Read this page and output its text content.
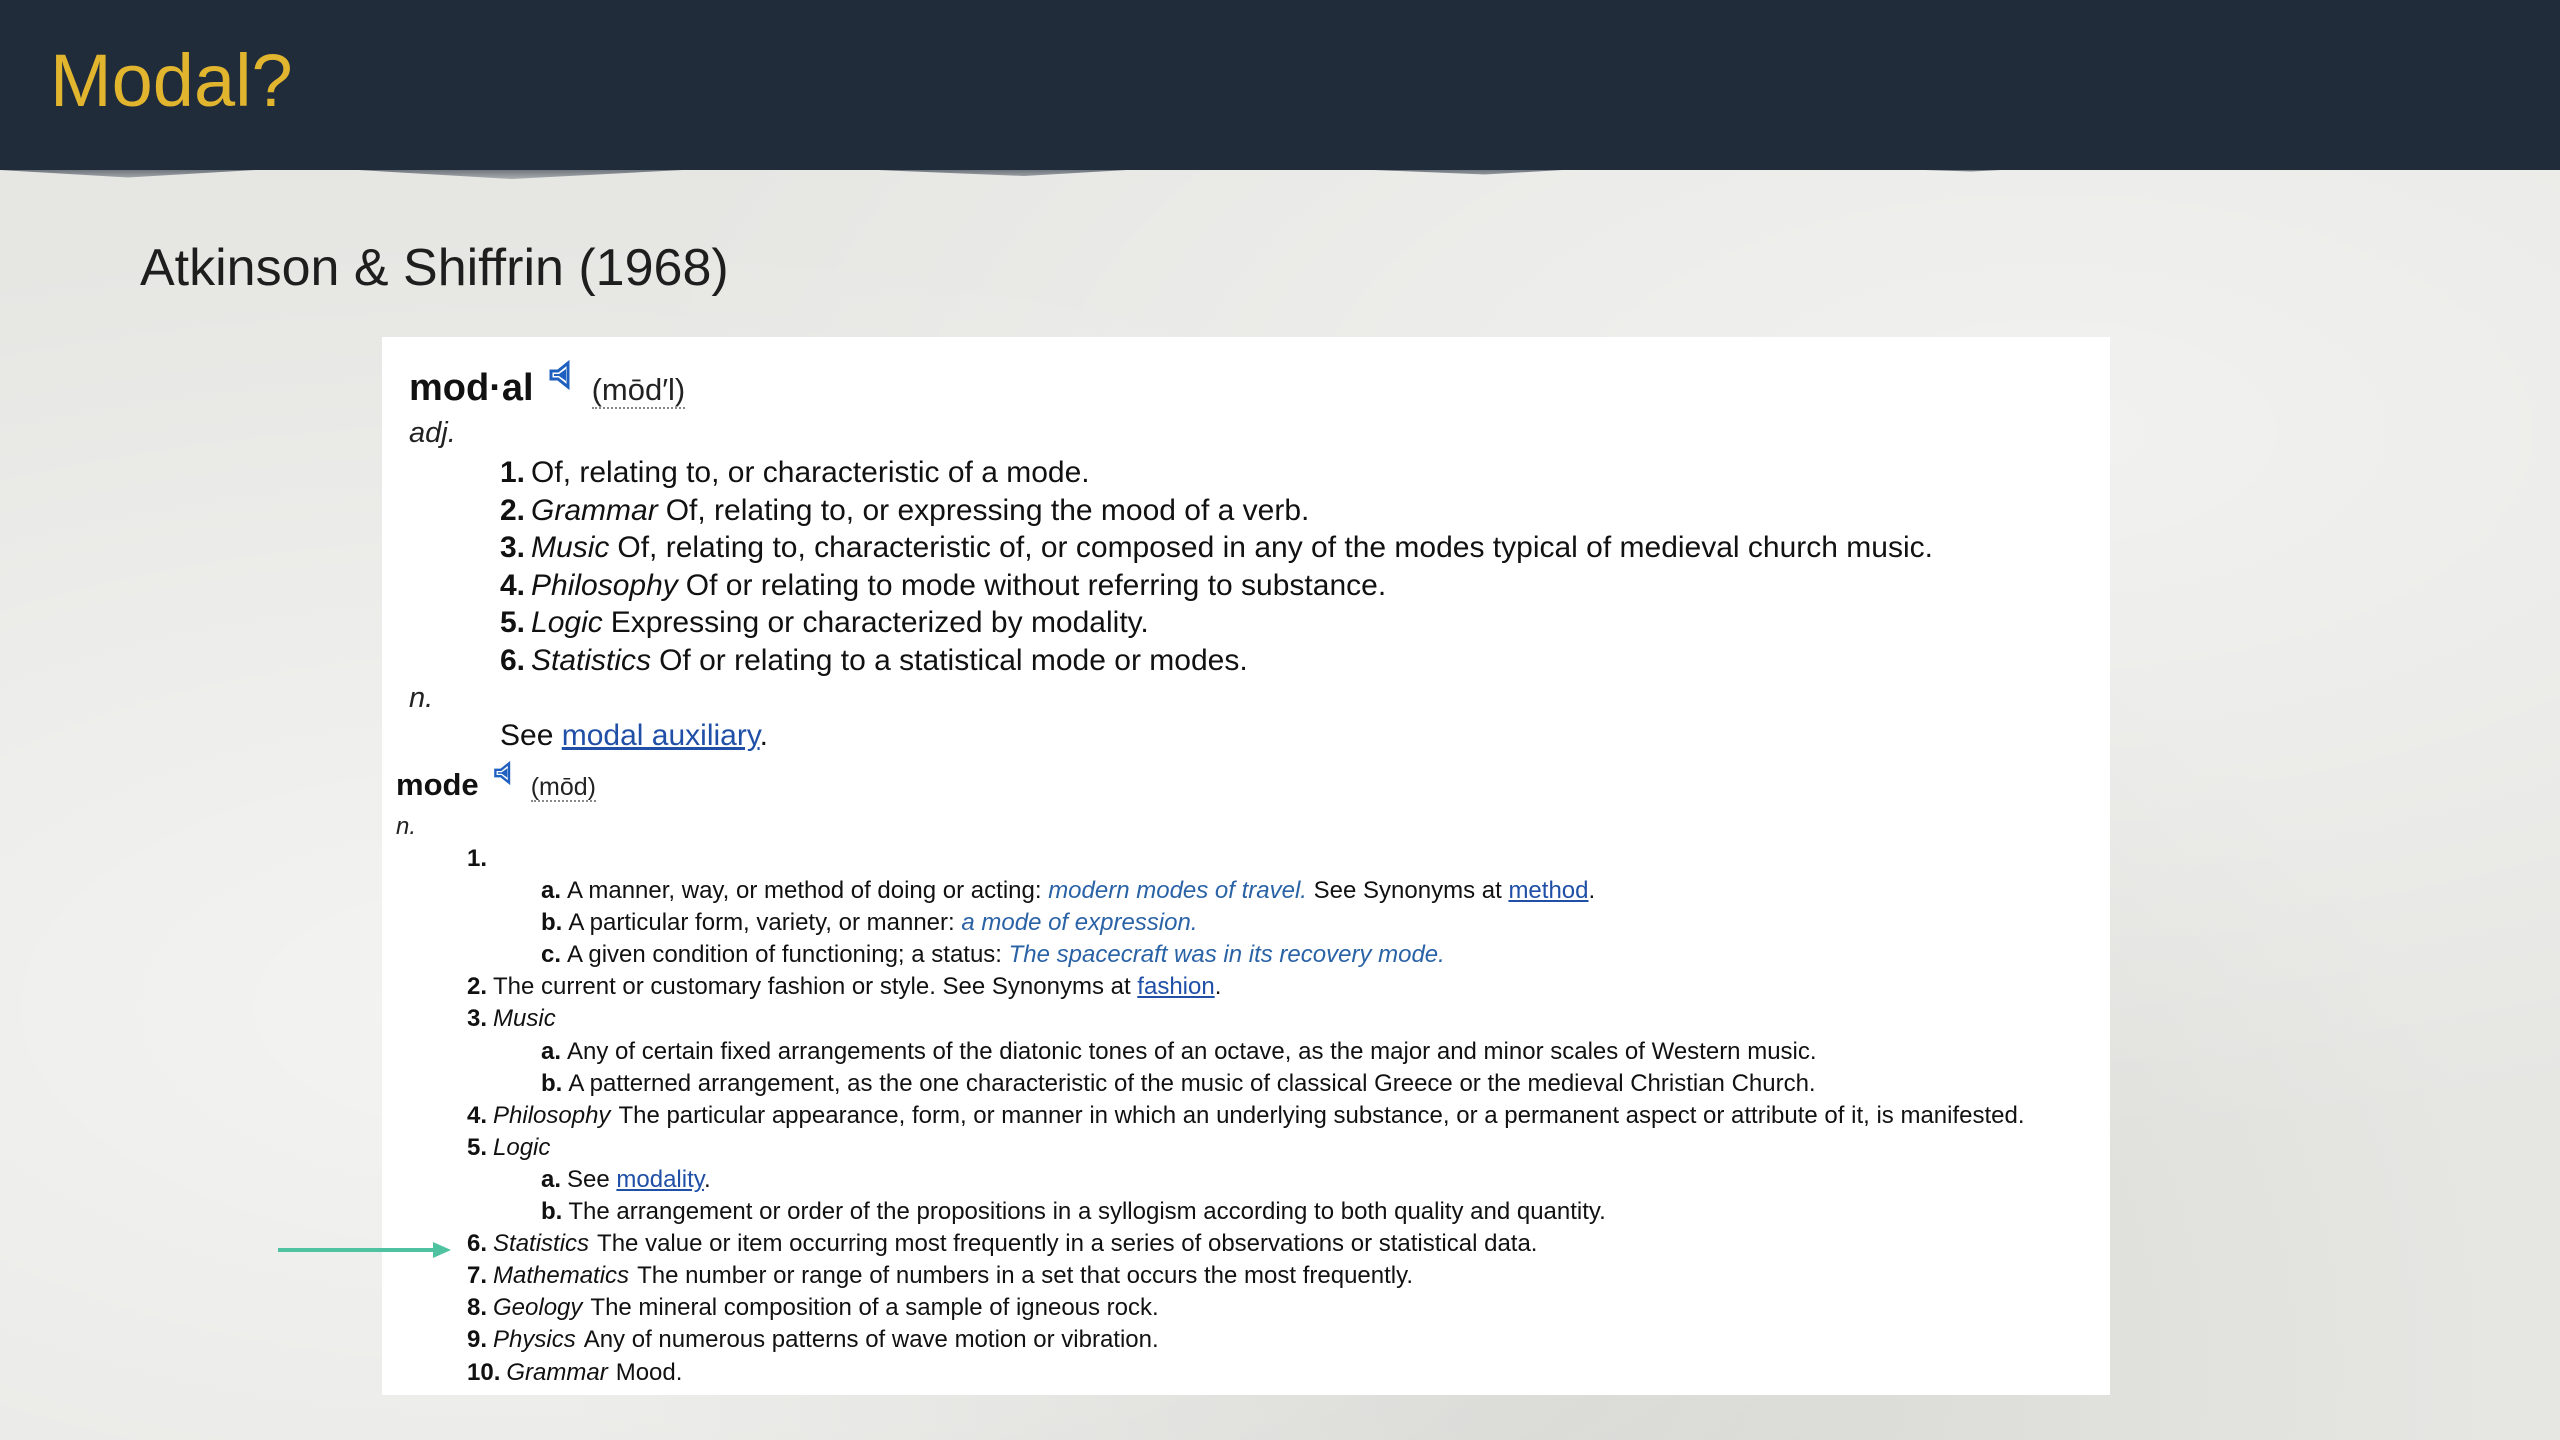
Modal?
Atkinson & Shiffrin (1968)
mod·al (mōd′l)
adj.
1. Of, relating to, or characteristic of a mode.
2. Grammar Of, relating to, or expressing the mood of a verb.
3. Music Of, relating to, characteristic of, or composed in any of the modes typical of medieval church music.
4. Philosophy Of or relating to mode without referring to substance.
5. Logic Expressing or characterized by modality.
6. Statistics Of or relating to a statistical mode or modes.
n.
See modal auxiliary.
mode (mōd)
n.
1.
a. A manner, way, or method of doing or acting: modern modes of travel. See Synonyms at method.
b. A particular form, variety, or manner: a mode of expression.
c. A given condition of functioning; a status: The spacecraft was in its recovery mode.
2. The current or customary fashion or style. See Synonyms at fashion.
3. Music
a. Any of certain fixed arrangements of the diatonic tones of an octave, as the major and minor scales of Western music.
b. A patterned arrangement, as the one characteristic of the music of classical Greece or the medieval Christian Church.
4. Philosophy The particular appearance, form, or manner in which an underlying substance, or a permanent aspect or attribute of it, is manifested.
5. Logic
a. See modality.
b. The arrangement or order of the propositions in a syllogism according to both quality and quantity.
6. Statistics The value or item occurring most frequently in a series of observations or statistical data.
7. Mathematics The number or range of numbers in a set that occurs the most frequently.
8. Geology The mineral composition of a sample of igneous rock.
9. Physics Any of numerous patterns of wave motion or vibration.
10. Grammar Mood.
